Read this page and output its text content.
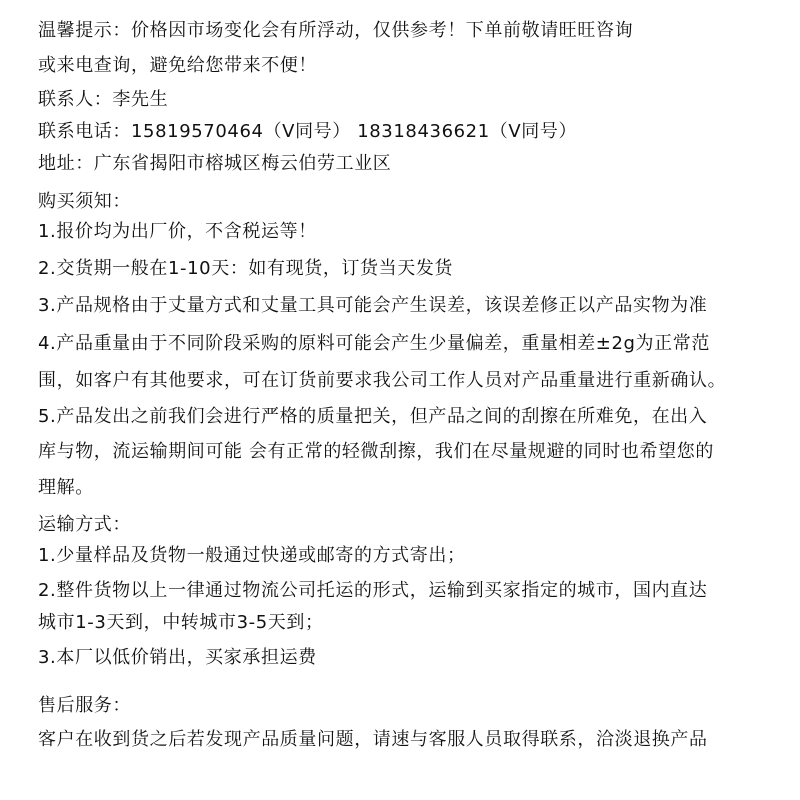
温馨提示：价格因市场变化会有所浮动，仅供参考！下单前敬请旺旺咨询

或来电查询，避免给您带来不便！

联系人：李先生

联系电话：15819570464（V同号） 18318436621（V同号）

地址：广东省揭阳市榕城区梅云伯劳工业区

购买须知：

1.报价均为出厂价，不含税运等！

2.交货期一般在1-10天：如有现货，订货当天发货

3.产品规格由于丈量方式和丈量工具可能会产生误差，该误差修正以产品实物为准

4.产品重量由于不同阶段采购的原料可能会产生少量偏差，重量相差±2g为正常范

围，如客户有其他要求，可在订货前要求我公司工作人员对产品重量进行重新确认。

5.产品发出之前我们会进行严格的质量把关，但产品之间的刮擦在所难免，在出入

库与物，流运输期间可能 会有正常的轻微刮擦，我们在尽量规避的同时也希望您的

理解。

运输方式：

1.少量样品及货物一般通过快递或邮寄的方式寄出；

2.整件货物以上一律通过物流公司托运的形式，运输到买家指定的城市，国内直达

城市1-3天到，中转城市3-5天到；

3.本厂以低价销出，买家承担运费

售后服务：

客户在收到货之后若发现产品质量问题，请速与客服人员取得联系，洽淡退换产品
